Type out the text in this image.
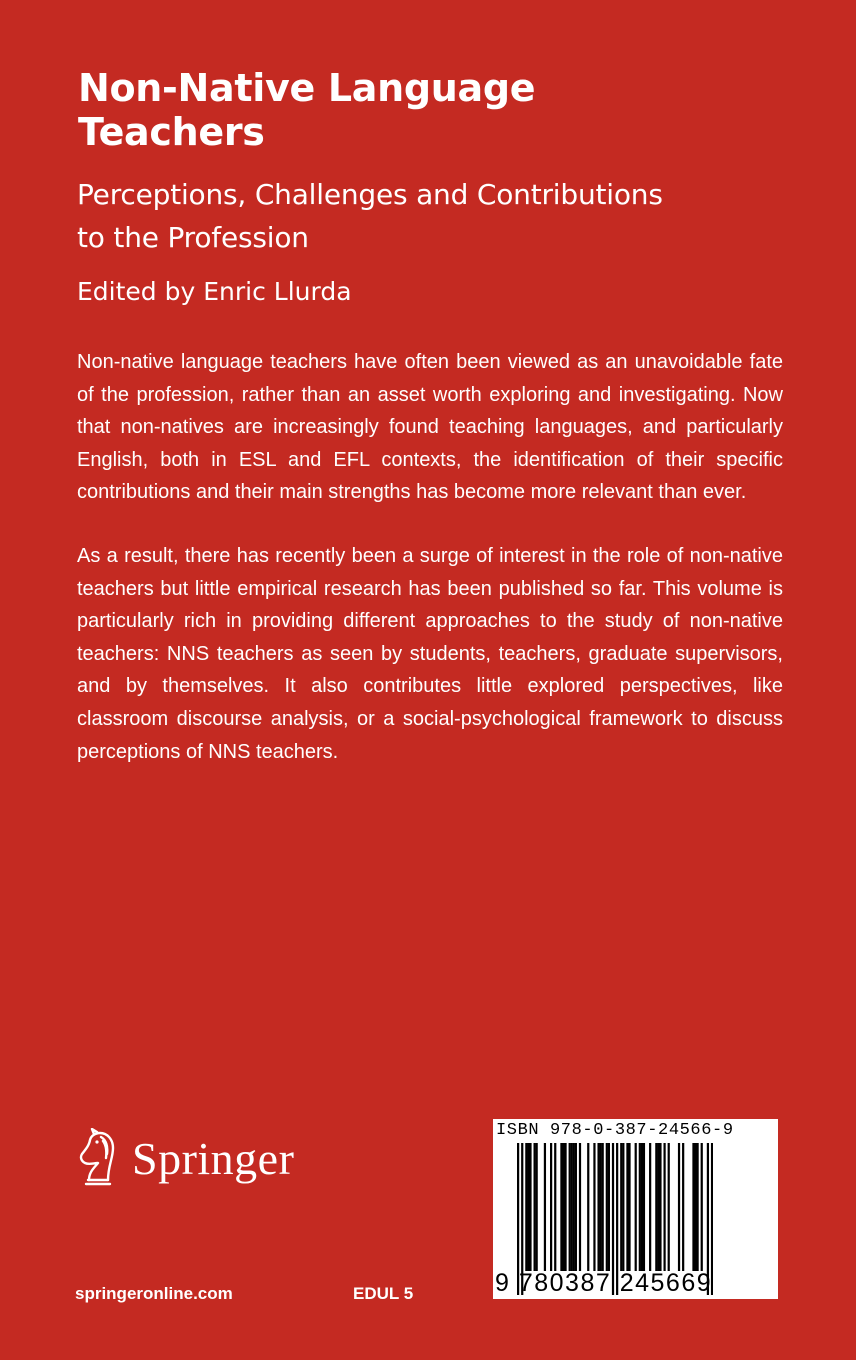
Non-Native Language
Teachers
Perceptions, Challenges and Contributions
to the Profession

Edited by Enric Llurda

Non-native language teachers have often been viewed as an unavoidable fate of the profession, rather than an asset worth exploring and investigating. Now that non-natives are increasingly found teaching languages, and particularly English, both in ESL and EFL contexts, the identification of their specific contributions and their main strengths has become more relevant than ever.

As a result, there has recently been a surge of interest in the role of non-native teachers but little empirical research has been published so far. This volume is particularly rich in providing different approaches to the study of non-native teachers: NNS teachers as seen by students, teachers, graduate supervisors, and by themselves. It also contributes little explored perspectives, like classroom discourse analysis, or a social-psychological framework to discuss perceptions of NNS teachers.

Springer
springeronline.com	EDUL 5
ISBN 978-0-387-24566-9
9 780387 245669
